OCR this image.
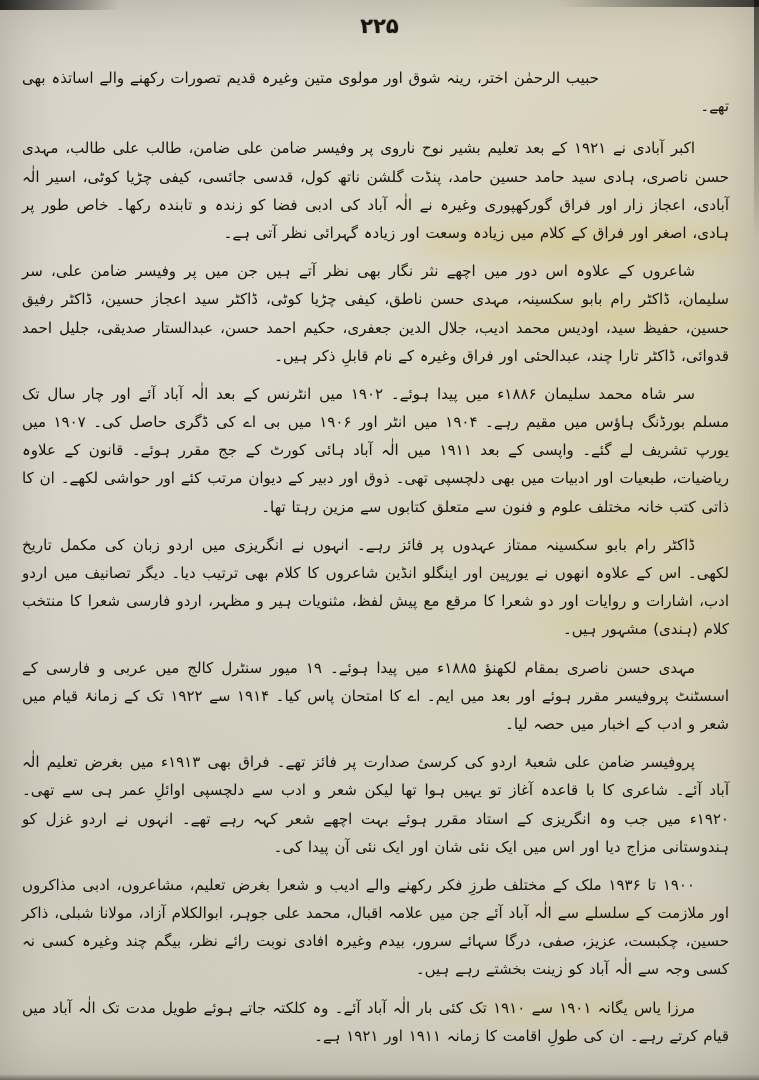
۲۲۵

حبیب الرحمٰن اختر، رینہ شوق اور مولوی متین وغیرہ قدیم تصورات رکھنے والے اساتذہ بھی تھے۔

اکبر آبادی نے ۱۹۲۱ کے بعد تعلیم بشیر نوح ناروی پر وفیسر ضامن علی ضامن، طالب علی طالب، مہدی حسن ناصری، ہادی سید حامد حسین حامد، پنڈت گلشن ناتھ کول، قدسی جائسی، کیفی چڑیا کوٹی، اسیر الٰہ آبادی، اعجاز زار اور فراق گورکھپوری وغیرہ نے الٰہ آباد کی ادبی فضا کو زندہ و تابندہ رکھا۔ خاص طور پر ہادی، اصغر اور فراق کے کلام میں زیادہ وسعت اور زیادہ گہرائی نظر آتی ہے۔

شاعروں کے علاوہ اس دور میں اچھے نثر نگار بھی نظر آتے ہیں جن میں پر وفیسر ضامن علی، سر سلیمان، ڈاکٹر رام بابو سکسینہ، مہدی حسن ناطق، کیفی چڑیا کوٹی، ڈاکٹر سید اعجاز حسین، ڈاکٹر رفیق حسین، حفیظ سید، اودیس محمد ادیب، جلال الدین جعفری، حکیم احمد حسن، عبدالستار صدیقی، جلیل احمد قدوائی، ڈاکٹر تارا چند، عبدالحئی اور فراق وغیرہ کے نام قابلِ ذکر ہیں۔

سر شاہ محمد سلیمان ۱۸۸۶ء میں پیدا ہوئے۔ ۱۹۰۲ میں انٹرنس کے بعد الٰہ آباد آئے اور چار سال تک مسلم بورڈنگ ہاؤس میں مقیم رہے۔ ۱۹۰۴ میں انٹر اور ۱۹۰۶ میں بی اے کی ڈگری حاصل کی۔ ۱۹۰۷ میں یورپ تشریف لے گئے۔ واپسی کے بعد ۱۹۱۱ میں الٰہ آباد ہائی کورٹ کے جج مقرر ہوئے۔ قانون کے علاوہ ریاضیات، طبعیات اور ادبیات میں بھی دلچسپی تھی۔ ذوق اور دبیر کے دیوان مرتب کئے اور حواشی لکھے۔ ان کا ذاتی کتب خانہ مختلف علوم و فنون سے متعلق کتابوں سے مزین رہتا تھا۔

ڈاکٹر رام بابو سکسینہ ممتاز عہدوں پر فائز رہے۔ انہوں نے انگریزی میں اردو زبان کی مکمل تاریخ لکھی۔ اس کے علاوہ انھوں نے یورپین اور اینگلو انڈین شاعروں کا کلام بھی ترتیب دیا۔ دیگر تصانیف میں اردو ادب، اشارات و روایات اور دو شعرا کا مرقع مع پیش لفظ، مثنویات ہیر و مظہر، اردو فارسی شعرا کا منتخب کلام (ہندی) مشہور ہیں۔

مہدی حسن ناصری بمقام لکھنؤ ۱۸۸۵ء میں پیدا ہوئے۔ ۱۹ میور سنٹرل کالج میں عربی و فارسی کے اسسٹنٹ پروفیسر مقرر ہوئے اور بعد میں ایم۔ اے کا امتحان پاس کیا۔ ۱۹۱۴ سے ۱۹۲۲ تک کے زمانۂ قیام میں شعر و ادب کے اخبار میں حصہ لیا۔

پروفیسر ضامن علی شعبۂ اردو کی کرسیٔ صدارت پر فائز تھے۔ فراق بھی ۱۹۱۳ء میں بغرض تعلیم الٰہ آباد آئے۔ شاعری کا با قاعدہ آغاز تو یہیں ہوا تھا لیکن شعر و ادب سے دلچسپی اوائلِ عمر ہی سے تھی۔ ۱۹۲۰ء میں جب وہ انگریزی کے استاد مقرر ہوئے بہت اچھے شعر کہہ رہے تھے۔ انہوں نے اردو غزل کو ہندوستانی مزاج دیا اور اس میں ایک نئی شان اور ایک نئی آن پیدا کی۔

۱۹۰۰ تا ۱۹۳۶ ملک کے مختلف طرزِ فکر رکھنے والے ادیب و شعرا بغرض تعلیم، مشاعروں، ادبی مذاکروں اور ملازمت کے سلسلے سے الٰہ آباد آئے جن میں علامہ اقبال، محمد علی جوہر، ابوالکلام آزاد، مولانا شبلی، ذاکر حسین، چکبست، عزیز، صفی، درگا سہائے سرور، بیدم وغیرہ افادی نوبت رائے نظر، بیگم چند وغیرہ کسی نہ کسی وجہ سے الٰہ آباد کو زینت بخشتے رہے ہیں۔

مرزا یاس یگانہ ۱۹۰۱ سے ۱۹۱۰ تک کئی بار الٰہ آباد آئے۔ وہ کلکتہ جاتے ہوئے طویل مدت تک الٰہ آباد میں قیام کرتے رہے۔ ان کی طولِ اقامت کا زمانہ ۱۹۱۱ اور ۱۹۲۱ ہے۔
